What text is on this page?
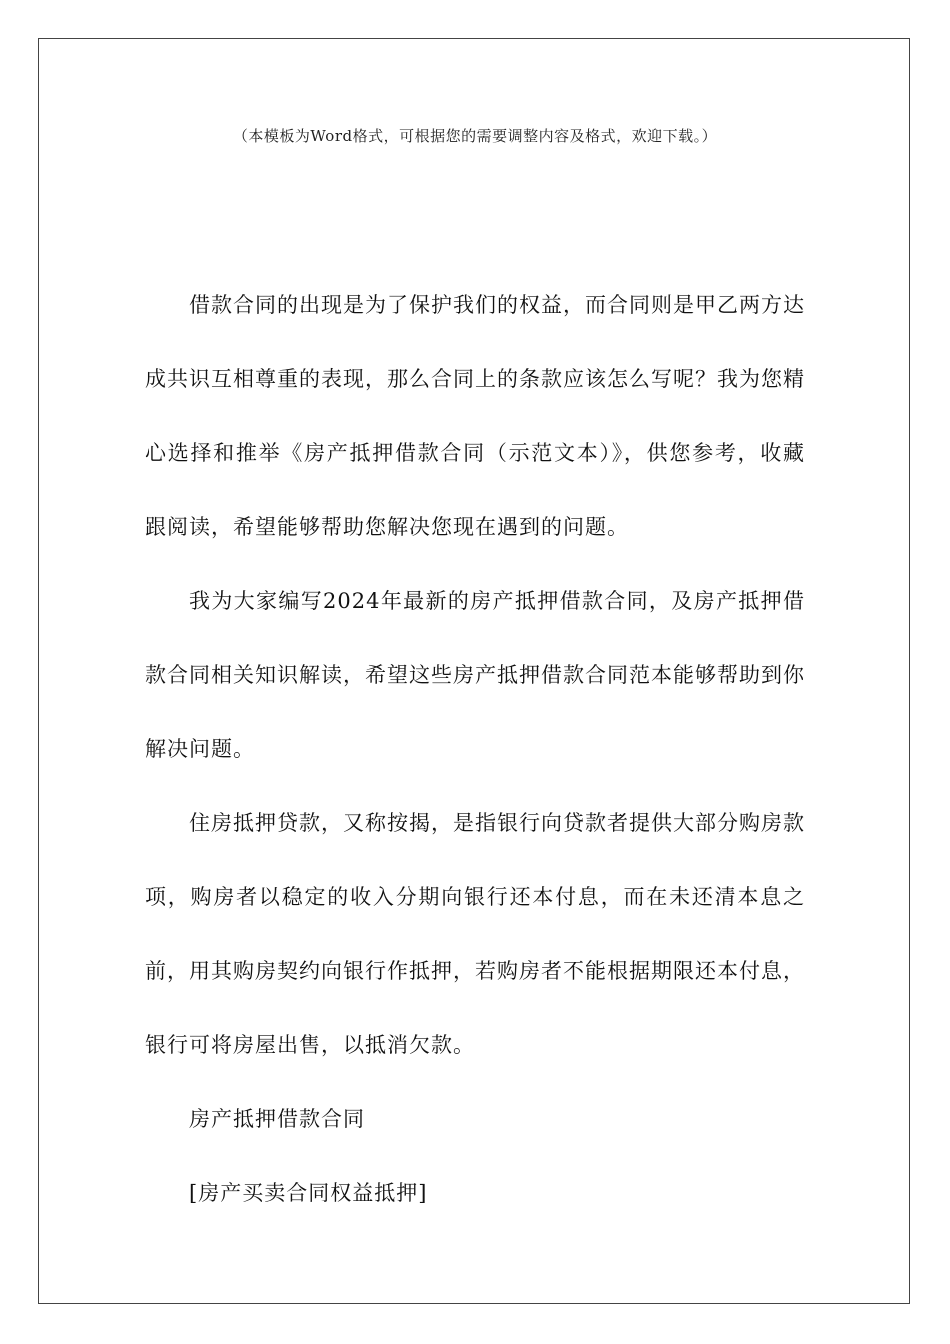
（本模板为Word格式，可根据您的需要调整内容及格式，欢迎下载。）

借款合同的出现是为了保护我们的权益，而合同则是甲乙两方达成共识互相尊重的表现，那么合同上的条款应该怎么写呢？我为您精心选择和推举《房产抵押借款合同（示范文本）》，供您参考，收藏跟阅读，希望能够帮助您解决您现在遇到的问题。

我为大家编写2024年最新的房产抵押借款合同，及房产抵押借款合同相关知识解读，希望这些房产抵押借款合同范本能够帮助到你解决问题。

住房抵押贷款，又称按揭，是指银行向贷款者提供大部分购房款项，购房者以稳定的收入分期向银行还本付息，而在未还清本息之前，用其购房契约向银行作抵押，若购房者不能根据期限还本付息，银行可将房屋出售，以抵消欠款。

房产抵押借款合同

[房产买卖合同权益抵押]
